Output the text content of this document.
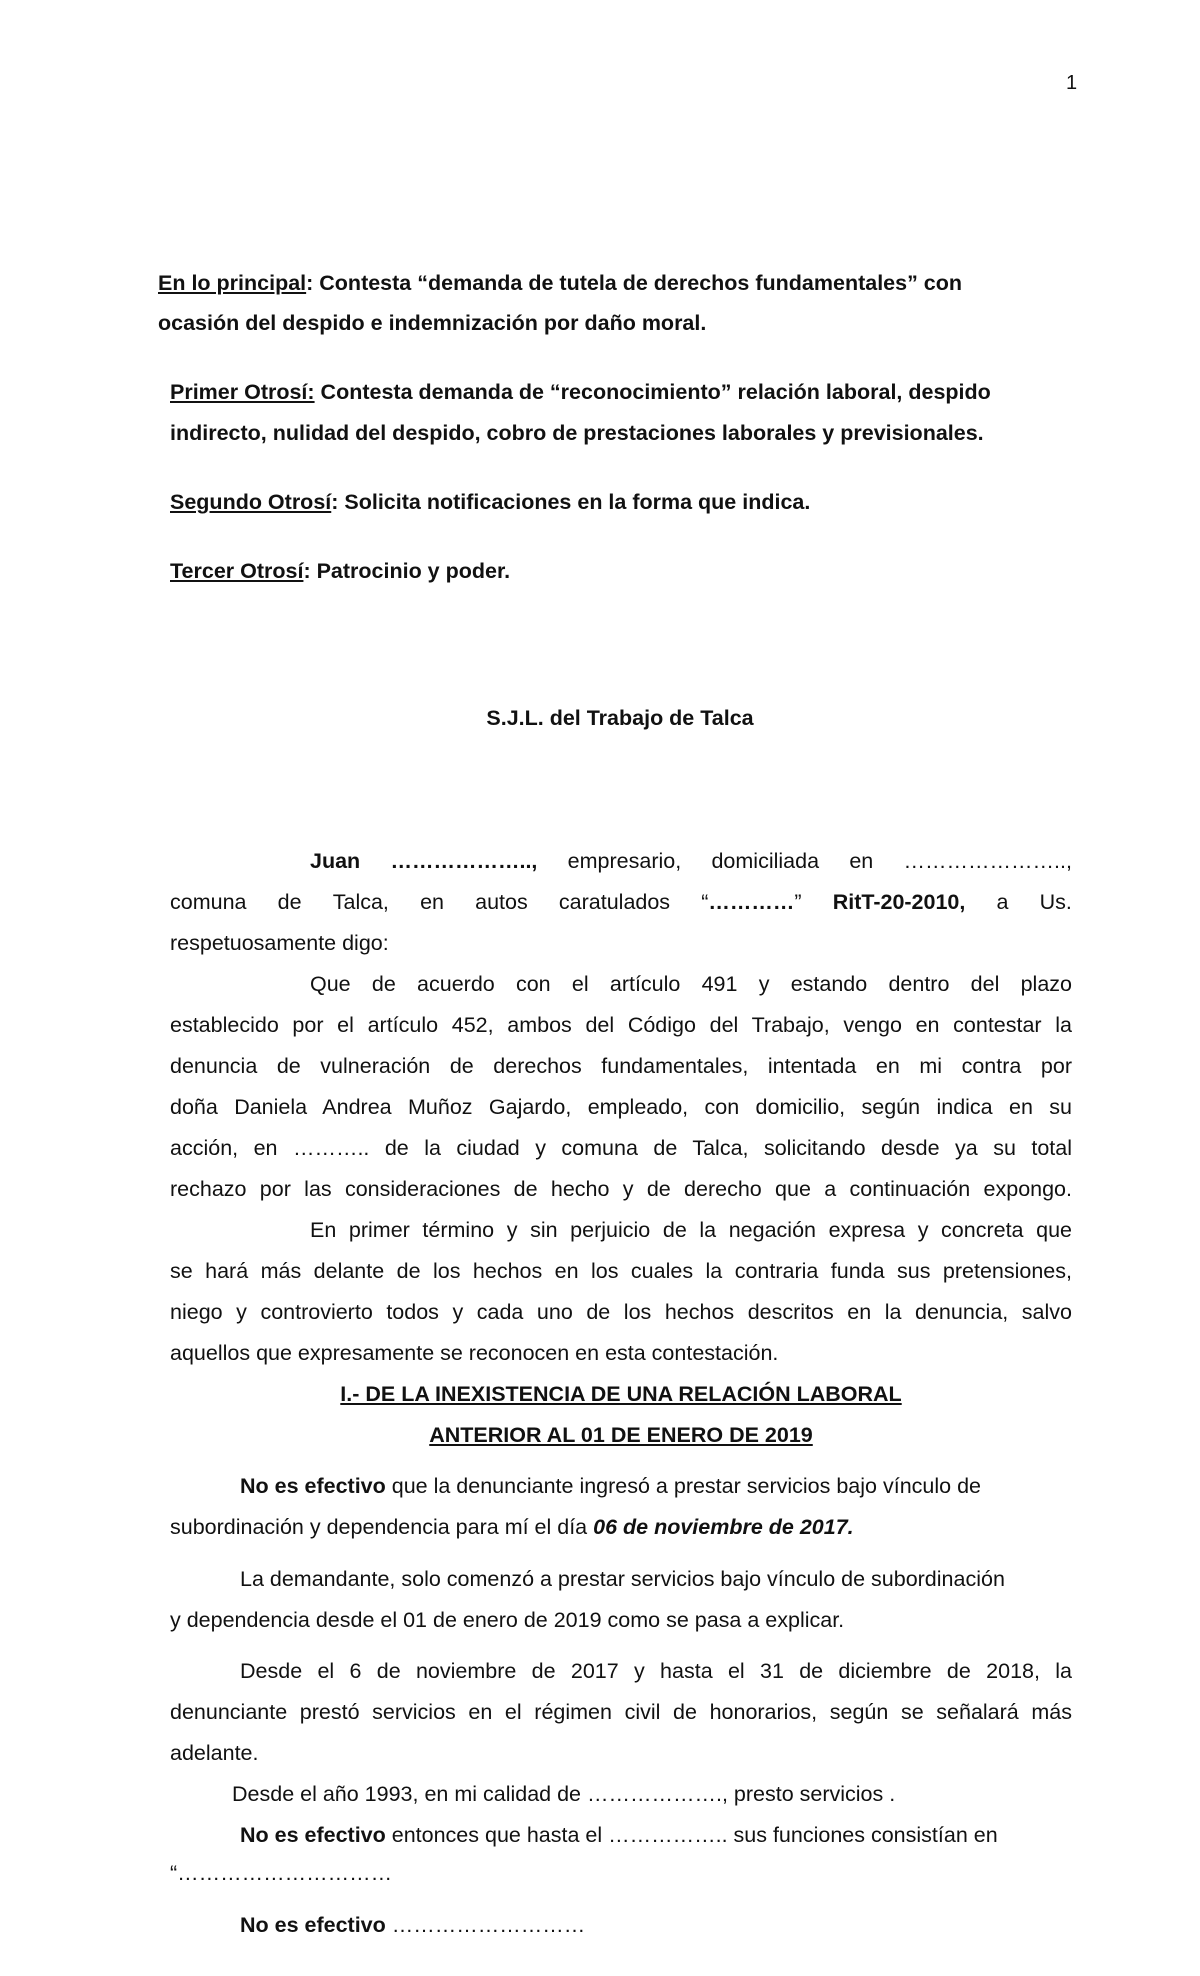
1
En lo principal: Contesta “demanda de tutela de derechos fundamentales” con
ocasión del despido e indemnización por daño moral.
Primer Otrosí: Contesta demanda de “reconocimiento” relación laboral, despido
indirecto, nulidad del despido, cobro de prestaciones laborales y previsionales.
Segundo Otrosí: Solicita notificaciones en la forma que indica.
Tercer Otrosí: Patrocinio y poder.
S.J.L. del Trabajo de Talca
Juan ……………….., empresario, domiciliada en …………………..,
comuna de Talca, en autos caratulados “…………” RitT-20-2010, a Us.
respetuosamente digo:
Que de acuerdo con el artículo 491 y estando dentro del plazo
establecido por el artículo 452, ambos del Código del Trabajo, vengo en contestar la
denuncia de vulneración de derechos fundamentales, intentada en mi contra por
doña Daniela Andrea Muñoz Gajardo, empleado, con domicilio, según indica en su
acción, en ……….. de la ciudad y comuna de Talca, solicitando desde ya su total
rechazo por las consideraciones de hecho y de derecho que a continuación expongo.
En primer término y sin perjuicio de la negación expresa y concreta que
se hará más delante de los hechos en los cuales la contraria funda sus pretensiones,
niego y controvierto todos y cada uno de los hechos descritos en la denuncia, salvo
aquellos que expresamente se reconocen en esta contestación.
I.- DE LA INEXISTENCIA DE UNA RELACIÓN LABORAL
ANTERIOR AL 01 DE ENERO DE 2019
No es efectivo que la denunciante ingresó a prestar servicios bajo vínculo de
subordinación y dependencia para mí el día 06 de noviembre de 2017.
La demandante, solo comenzó a prestar servicios bajo vínculo de subordinación
y dependencia desde el 01 de enero de 2019 como se pasa a explicar.
Desde el 6 de noviembre de 2017 y hasta el 31 de diciembre de 2018, la
denunciante prestó servicios en el régimen civil de honorarios, según se señalará más
adelante.
Desde el año 1993, en mi calidad de ………………., presto servicios .
No es efectivo entonces que hasta el …………….. sus funciones consistían en
“…………………………
No es efectivo ………………………
